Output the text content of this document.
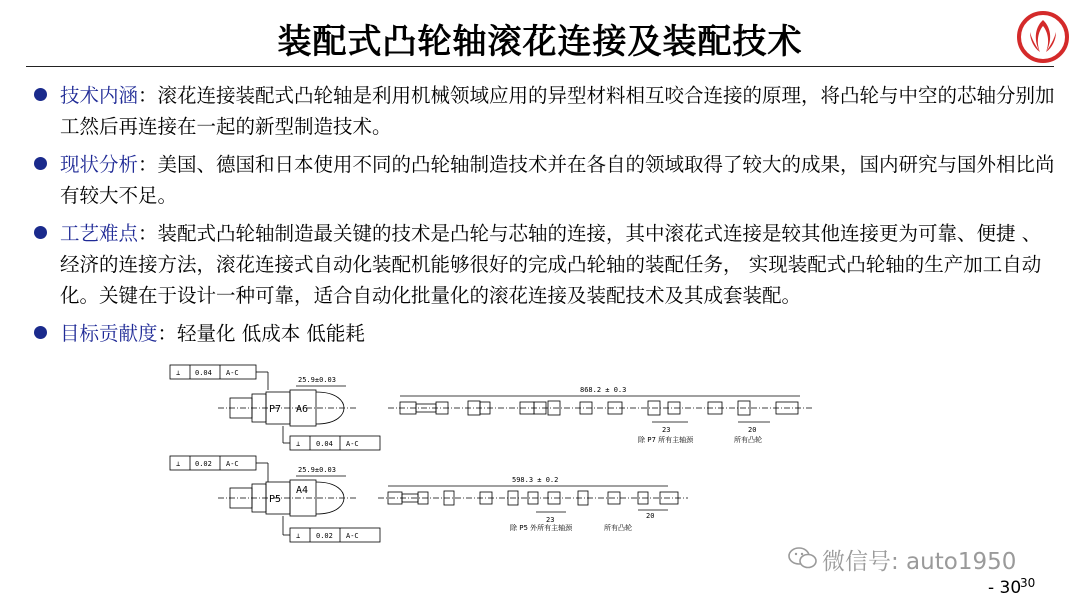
装配式凸轮轴滚花连接及装配技术
技术内涵：滚花连接装配式凸轮轴是利用机械领域应用的异型材料相互咬合连接的原理，将凸轮与中空的芯轴分别加工然后再连接在一起的新型制造技术。
现状分析：美国、德国和日本使用不同的凸轮轴制造技术并在各自的领域取得了较大的成果，国内研究与国外相比尚有较大不足。
工艺难点：装配式凸轮轴制造最关键的技术是凸轮与芯轴的连接，其中滚花式连接是较其他连接更为可靠、便捷 、经济的连接方法，滚花连接式自动化装配机能够很好的完成凸轮轴的装配任务， 实现装配式凸轮轴的生产加工自动化。关键在于设计一种可靠，适合自动化批量化的滚花连接及装配技术及其成套装配。
目标贡献度：轻量化 低成本 低能耗
⊥ 0.04 A-C
25.9±0.03
P7 A6
⊥ 0.04 A-C
868.2 ± 0.3
23	20
除 P7 所有主轴颈	所有凸轮
⊥ 0.02 A-C
25.9±0.03
P5
A4
⊥ 0.02 A-C
598.3 ± 0.2
23	20
除 P5 外所有主轴颈	所有凸轮
微信号: auto1950
- 30
30
